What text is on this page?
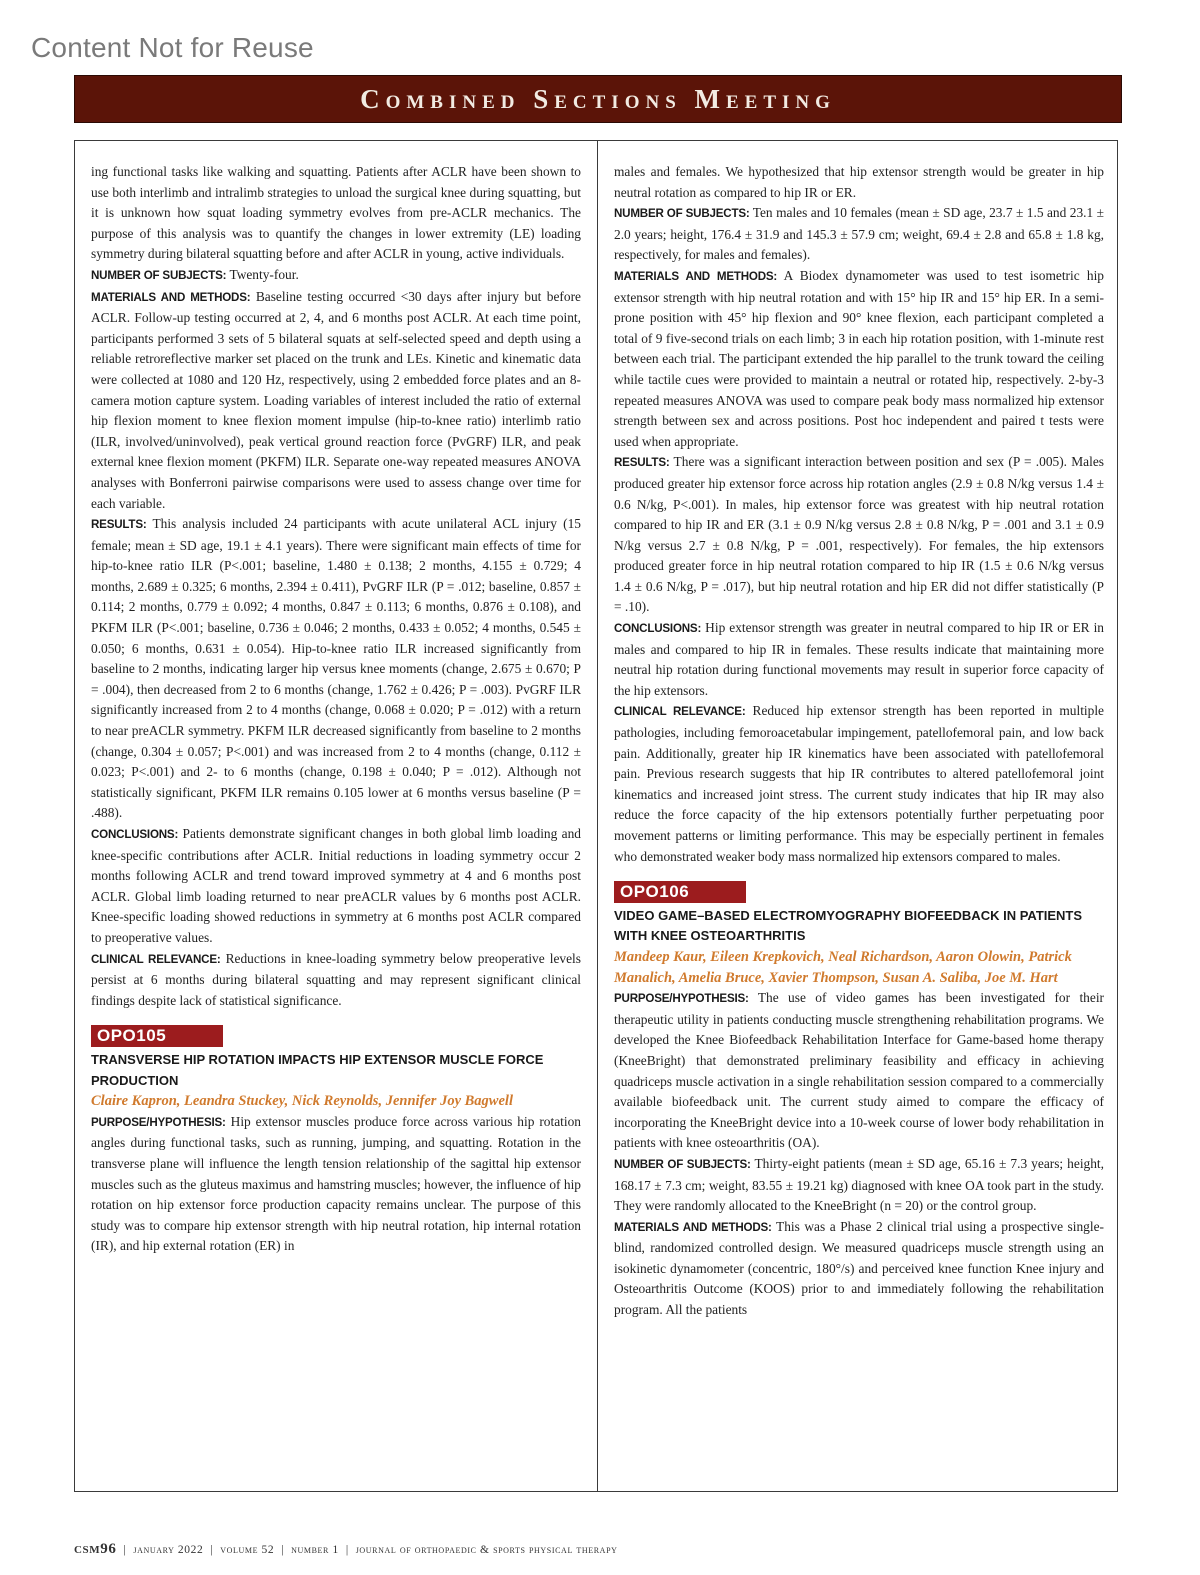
Content Not for Reuse
Combined Sections Meeting

ing functional tasks like walking and squatting. Patients after ACLR have been shown to use both interlimb and intralimb strategies to unload the surgical knee during squatting, but it is unknown how squat loading symmetry evolves from pre-ACLR mechanics. The purpose of this analysis was to quantify the changes in lower extremity (LE) loading symmetry during bilateral squatting before and after ACLR in young, active individuals.

NUMBER OF SUBJECTS: Twenty-four.

MATERIALS AND METHODS: Baseline testing occurred <30 days after injury but before ACLR. Follow-up testing occurred at 2, 4, and 6 months post ACLR. At each time point, participants performed 3 sets of 5 bilateral squats at self-selected speed and depth using a reliable retroreflective marker set placed on the trunk and LEs. Kinetic and kinematic data were collected at 1080 and 120 Hz, respectively, using 2 embedded force plates and an 8-camera motion capture system. Loading variables of interest included the ratio of external hip flexion moment to knee flexion moment impulse (hip-to-knee ratio) interlimb ratio (ILR, involved/uninvolved), peak vertical ground reaction force (PvGRF) ILR, and peak external knee flexion moment (PKFM) ILR. Separate one-way repeated measures ANOVA analyses with Bonferroni pairwise comparisons were used to assess change over time for each variable.

RESULTS: This analysis included 24 participants with acute unilateral ACL injury (15 female; mean ± SD age, 19.1 ± 4.1 years). There were significant main effects of time for hip-to-knee ratio ILR (P<.001; baseline, 1.480 ± 0.138; 2 months, 4.155 ± 0.729; 4 months, 2.689 ± 0.325; 6 months, 2.394 ± 0.411), PvGRF ILR (P = .012; baseline, 0.857 ± 0.114; 2 months, 0.779 ± 0.092; 4 months, 0.847 ± 0.113; 6 months, 0.876 ± 0.108), and PKFM ILR (P<.001; baseline, 0.736 ± 0.046; 2 months, 0.433 ± 0.052; 4 months, 0.545 ± 0.050; 6 months, 0.631 ± 0.054). Hip-to-knee ratio ILR increased significantly from baseline to 2 months, indicating larger hip versus knee moments (change, 2.675 ± 0.670; P = .004), then decreased from 2 to 6 months (change, 1.762 ± 0.426; P = .003). PvGRF ILR significantly increased from 2 to 4 months (change, 0.068 ± 0.020; P = .012) with a return to near preACLR symmetry. PKFM ILR decreased significantly from baseline to 2 months (change, 0.304 ± 0.057; P<.001) and was increased from 2 to 4 months (change, 0.112 ± 0.023; P<.001) and 2- to 6 months (change, 0.198 ± 0.040; P = .012). Although not statistically significant, PKFM ILR remains 0.105 lower at 6 months versus baseline (P = .488).

CONCLUSIONS: Patients demonstrate significant changes in both global limb loading and knee-specific contributions after ACLR. Initial reductions in loading symmetry occur 2 months following ACLR and trend toward improved symmetry at 4 and 6 months post ACLR. Global limb loading returned to near preACLR values by 6 months post ACLR. Knee-specific loading showed reductions in symmetry at 6 months post ACLR compared to preoperative values.

CLINICAL RELEVANCE: Reductions in knee-loading symmetry below preoperative levels persist at 6 months during bilateral squatting and may represent significant clinical findings despite lack of statistical significance.

OPO105
TRANSVERSE HIP ROTATION IMPACTS HIP EXTENSOR MUSCLE FORCE PRODUCTION
Claire Kapron, Leandra Stuckey, Nick Reynolds, Jennifer Joy Bagwell

PURPOSE/HYPOTHESIS: Hip extensor muscles produce force across various hip rotation angles during functional tasks, such as running, jumping, and squatting. Rotation in the transverse plane will influence the length tension relationship of the sagittal hip extensor muscles such as the gluteus maximus and hamstring muscles; however, the influence of hip rotation on hip extensor force production capacity remains unclear. The purpose of this study was to compare hip extensor strength with hip neutral rotation, hip internal rotation (IR), and hip external rotation (ER) in

males and females. We hypothesized that hip extensor strength would be greater in hip neutral rotation as compared to hip IR or ER.

NUMBER OF SUBJECTS: Ten males and 10 females (mean ± SD age, 23.7 ± 1.5 and 23.1 ± 2.0 years; height, 176.4 ± 31.9 and 145.3 ± 57.9 cm; weight, 69.4 ± 2.8 and 65.8 ± 1.8 kg, respectively, for males and females).

MATERIALS AND METHODS: A Biodex dynamometer was used to test isometric hip extensor strength with hip neutral rotation and with 15° hip IR and 15° hip ER. In a semi-prone position with 45° hip flexion and 90° knee flexion, each participant completed a total of 9 five-second trials on each limb; 3 in each hip rotation position, with 1-minute rest between each trial. The participant extended the hip parallel to the trunk toward the ceiling while tactile cues were provided to maintain a neutral or rotated hip, respectively. 2-by-3 repeated measures ANOVA was used to compare peak body mass normalized hip extensor strength between sex and across positions. Post hoc independent and paired t tests were used when appropriate.

RESULTS: There was a significant interaction between position and sex (P = .005). Males produced greater hip extensor force across hip rotation angles (2.9 ± 0.8 N/kg versus 1.4 ± 0.6 N/kg, P<.001). In males, hip extensor force was greatest with hip neutral rotation compared to hip IR and ER (3.1 ± 0.9 N/kg versus 2.8 ± 0.8 N/kg, P = .001 and 3.1 ± 0.9 N/kg versus 2.7 ± 0.8 N/kg, P = .001, respectively). For females, the hip extensors produced greater force in hip neutral rotation compared to hip IR (1.5 ± 0.6 N/kg versus 1.4 ± 0.6 N/kg, P = .017), but hip neutral rotation and hip ER did not differ statistically (P = .10).

CONCLUSIONS: Hip extensor strength was greater in neutral compared to hip IR or ER in males and compared to hip IR in females. These results indicate that maintaining more neutral hip rotation during functional movements may result in superior force capacity of the hip extensors.

CLINICAL RELEVANCE: Reduced hip extensor strength has been reported in multiple pathologies, including femoroacetabular impingement, patellofemoral pain, and low back pain. Additionally, greater hip IR kinematics have been associated with patellofemoral pain. Previous research suggests that hip IR contributes to altered patellofemoral joint kinematics and increased joint stress. The current study indicates that hip IR may also reduce the force capacity of the hip extensors potentially further perpetuating poor movement patterns or limiting performance. This may be especially pertinent in females who demonstrated weaker body mass normalized hip extensors compared to males.

OPO106
VIDEO GAME–BASED ELECTROMYOGRAPHY BIOFEEDBACK IN PATIENTS WITH KNEE OSTEOARTHRITIS
Mandeep Kaur, Eileen Krepkovich, Neal Richardson, Aaron Olowin, Patrick Manalich, Amelia Bruce, Xavier Thompson, Susan A. Saliba, Joe M. Hart

PURPOSE/HYPOTHESIS: The use of video games has been investigated for their therapeutic utility in patients conducting muscle strengthening rehabilitation programs. We developed the Knee Biofeedback Rehabilitation Interface for Game-based home therapy (KneeBright) that demonstrated preliminary feasibility and efficacy in achieving quadriceps muscle activation in a single rehabilitation session compared to a commercially available biofeedback unit. The current study aimed to compare the efficacy of incorporating the KneeBright device into a 10-week course of lower body rehabilitation in patients with knee osteoarthritis (OA).

NUMBER OF SUBJECTS: Thirty-eight patients (mean ± SD age, 65.16 ± 7.3 years; height, 168.17 ± 7.3 cm; weight, 83.55 ± 19.21 kg) diagnosed with knee OA took part in the study. They were randomly allocated to the KneeBright (n = 20) or the control group.

MATERIALS AND METHODS: This was a Phase 2 clinical trial using a prospective single-blind, randomized controlled design. We measured quadriceps muscle strength using an isokinetic dynamometer (concentric, 180°/s) and perceived knee function Knee injury and Osteoarthritis Outcome (KOOS) prior to and immediately following the rehabilitation program. All the patients

csm96 | january 2022 | volume 52 | number 1 | journal of orthopaedic & sports physical therapy
